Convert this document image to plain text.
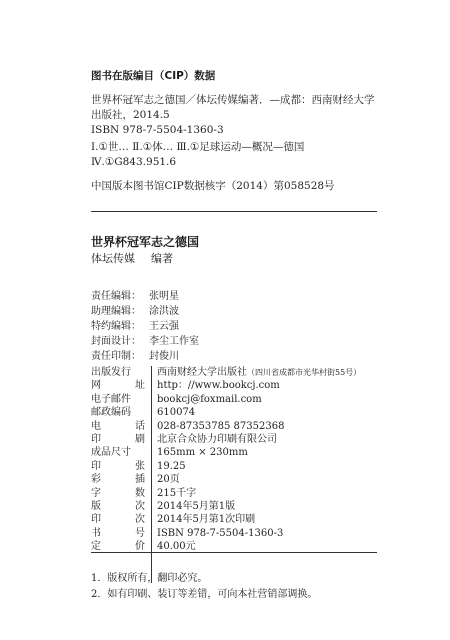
图书在版编目（CIP）数据
世界杯冠军志之德国／体坛传媒编著．—成都：西南财经大学
出版社，2014.5
ISBN 978-7-5504-1360-3
Ⅰ.①世… Ⅱ.①体… Ⅲ.①足球运动—概况—德国
Ⅳ.①G843.951.6
中国版本图书馆CIP数据核字（2014）第058528号
世界杯冠军志之德国
体坛传媒 编著
责任编辑： 张明星
助理编辑： 涂洪波
特约编辑： 王云强
封面设计： 李尘工作室
责任印制： 封俊川
出版发行	西南财经大学出版社（四川省成都市光华村街55号）
网	址	http：//www.bookcj.com
电子邮件	bookcj@foxmail.com
邮政编码	610074
电	话	028-87353785 87352368
印	刷	北京合众协力印刷有限公司
成品尺寸	165mm × 230mm
印	张	19.25
彩	插	20页
字	数	215千字
版	次	2014年5月第1版
印	次	2014年5月第1次印刷
书	号	ISBN 978-7-5504-1360-3
定	价	40.00元
1．版权所有，翻印必究。
2．如有印刷、装订等差错，可向本社营销部调换。
